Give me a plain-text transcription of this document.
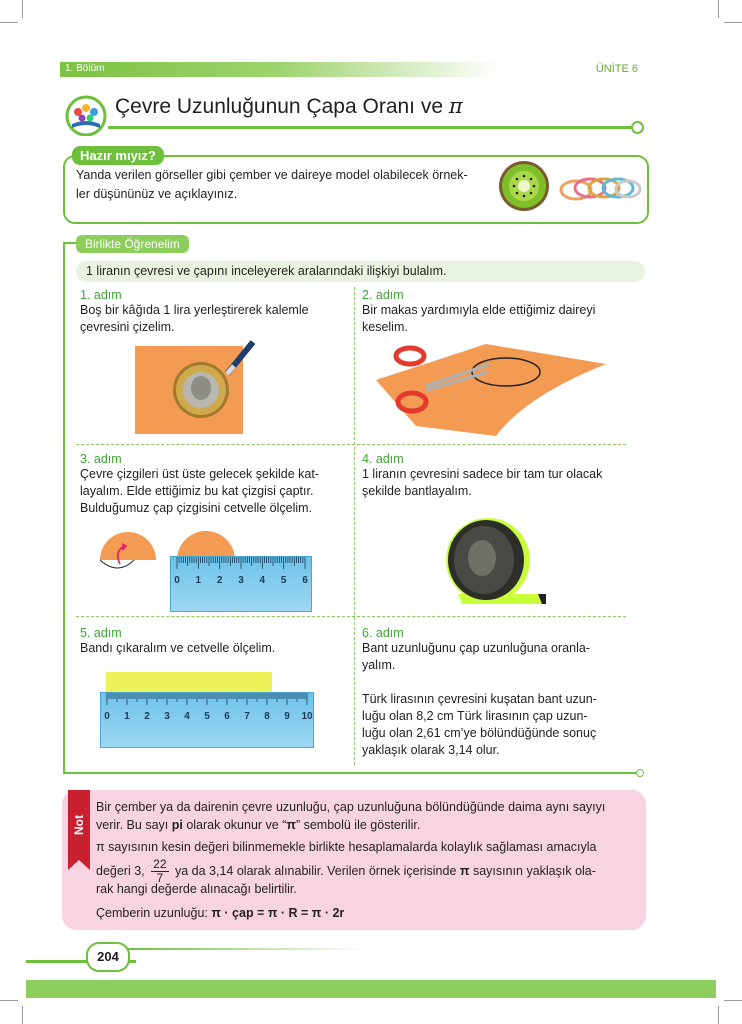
1. Bölüm	ÜNİTE 6
Çevre Uzunluğunun Çapa Oranı ve π
Hazır mıyız?
Yanda verilen görseller gibi çember ve daireye model olabilecek örnek-
ler düşününüz ve açıklayınız.
Birlikte Öğrenelim
1 liranın çevresi ve çapını inceleyerek aralarındaki ilişkiyi bulalım.
1. adım
Boş bir kâğıda 1 lira yerleştirerek kalemle
çevresini çizelim.
2. adım
Bir makas yardımıyla elde ettiğimiz daireyi
keselim.
3. adım
Çevre çizgileri üst üste gelecek şekilde kat-
layalım. Elde ettiğimiz bu kat çizgisi çaptır.
Bulduğumuz çap çizgisini cetvelle ölçelim.
0 1 2 3 4 5 6
4. adım
1 liranın çevresini sadece bir tam tur olacak
şekilde bantlayalım.
5. adım
Bandı çıkaralım ve cetvelle ölçelim.
0 1 2 3 4 5 6 7 8 9 10
6. adım
Bant uzunluğunu çap uzunluğuna oranla-
yalım.
Türk lirasının çevresini kuşatan bant uzun-
luğu olan 8,2 cm Türk lirasının çap uzun-
luğu olan 2,61 cm’ye bölündüğünde sonuç
yaklaşık olarak 3,14 olur.
Not
Bir çember ya da dairenin çevre uzunluğu, çap uzunluğuna bölündüğünde daima aynı sayıyı
verir. Bu sayı pi olarak okunur ve “π” sembolü ile gösterilir.
π sayısının kesin değeri bilinmemekle birlikte hesaplamalarda kolaylık sağlaması amacıyla
değeri 3, $\frac{22}{7}$ ya da 3,14 olarak alınabilir. Verilen örnek içerisinde π sayısının yaklaşık ola-
rak hangi değerde alınacağı belirtilir.
Çemberin uzunluğu: π · çap = π · R = π · 2r
204
